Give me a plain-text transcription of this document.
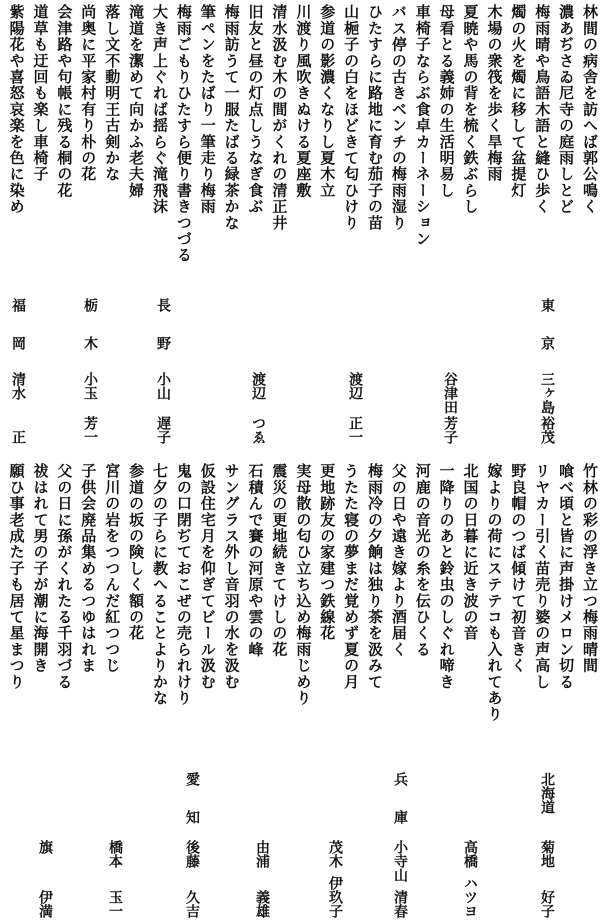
林間の病舎を訪へば郭公鳴く
濃あぢさゐ尼寺の庭雨しとど
梅雨晴や鳥語木語と縫ひ歩く
燭の火を燭に移して盆提灯
木場の衆筏を歩く旱梅雨
夏暁や馬の背を梳く鉄ぶらし
母看とる義姉の生活明易し
車椅子ならぶ食卓カーネーション
バス停の古きベンチの梅雨湿り
ひたすらに路地に育む茄子の苗
山梔子の白をほどきて匂ひけり
参道の影濃くなりし夏木立
川渡り風吹きぬける夏座敷
清水汲む木の間がくれの清正井
旧友と昼の灯点しうなぎ食ぶ
梅雨訪うて一服たばる緑茶かな
筆ペンをたばり一筆走り梅雨
梅雨ごもりひたすら便り書きつづる
大き声上ぐれば揺らぐ滝飛沫
滝道を潔めて向かふ老夫婦
落し文不動明王古剣かな
尚奥に平家村有り朴の花
会津路や句帳に残る桐の花
道草も迂回も楽し車椅子
紫陽花や喜怒哀楽を色に染め
竹林の彩の浮き立つ梅雨晴間
喰べ頃と皆に声掛けメロン切る
リヤカー引く苗売り婆の声高し
野良帽のつば傾けて初音きく
嫁よりの荷にステテコも入れてあり
北国の日暮に近き波の音
一降りのあと鈴虫のしぐれ啼き
河鹿の音光の糸を伝ひくる
父の日や遠き嫁より酒届く
梅雨冷の夕餉は独り茶を汲みて
うたた寝の夢まだ覚めず夏の月
更地跡友の家建つ鉄線花
実母散の匂ひ立ち込め梅雨じめり
震災の更地続きてけしの花
石積んで賽の河原や雲の峰
サングラス外し音羽の水を汲む
仮設住宅月を仰ぎてビール汲む
鬼の口閉ぢておこぜの売られけり
七夕の子らに教へることよりかな
参道の坂の険しく額の花
宮川の岩をつつんだ紅つつじ
子供会廃品集めるつゆはれま
父の日に孫がくれたる千羽づる
祓はれて男の子が潮に海開き
願ひ事老成た子も居て星まつり
東
京
三ヶ島
裕茂
谷津田
芳子
渡辺
正一
渡辺
つゑ
長
野
小山
遅子
栃
木
小玉
芳一
福
岡
清水
正
北海道
菊地
好子
高橋
ハツヨ
兵
庫
小寺山
清春
茂木
伊玖子
由浦
義雄
愛
知
後藤
久吉
橋本
玉一
旗
伊満
